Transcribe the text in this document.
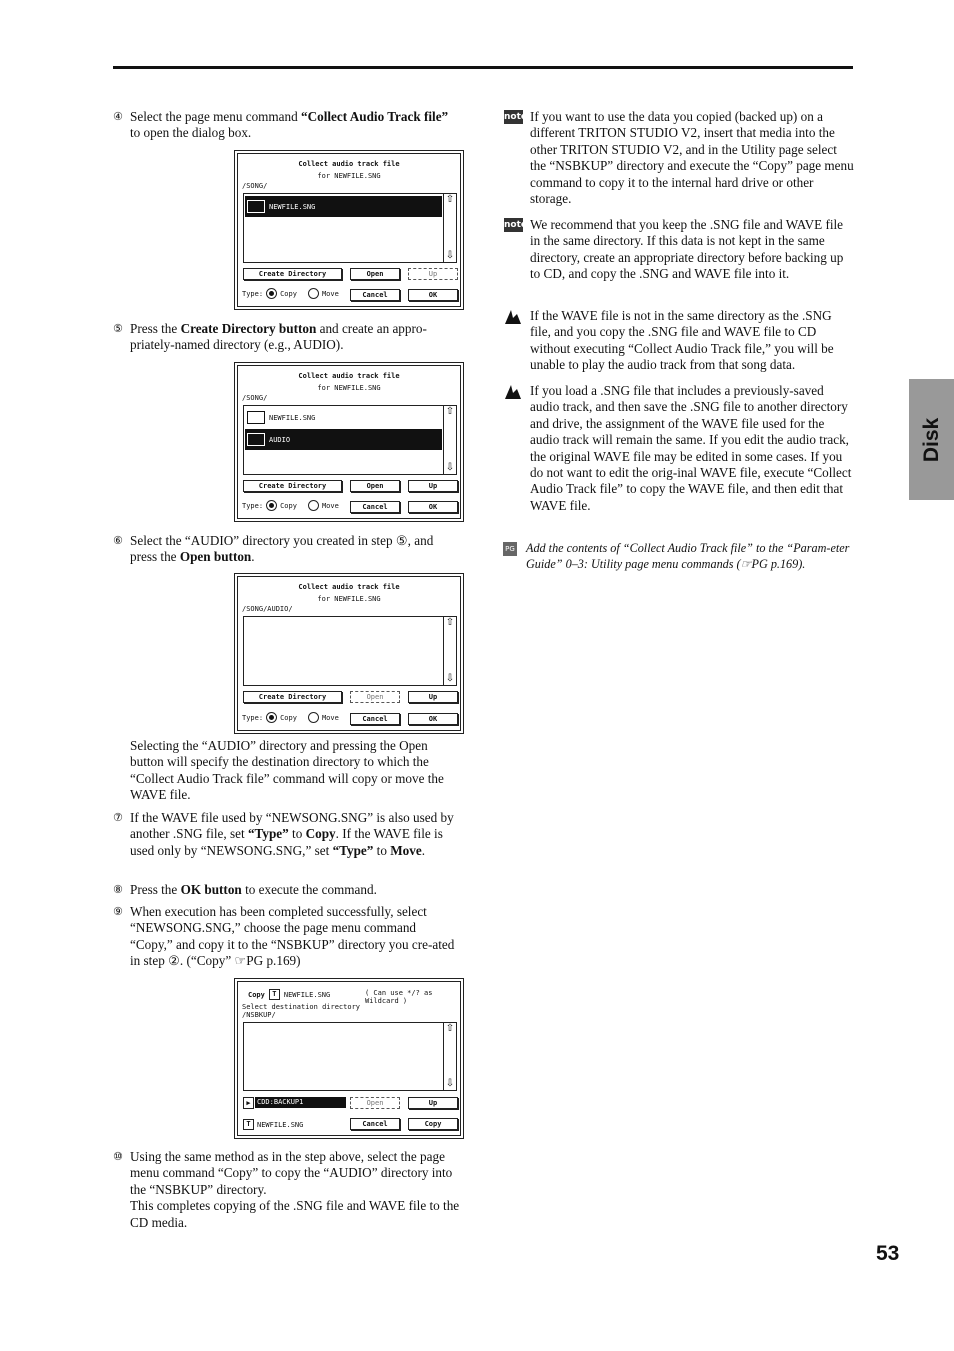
④ Select the page menu command “Collect Audio Track file” to open the dialog box.

Collect audio track file
for NEWFILE.SNG
/SONG/
NEWFILE.SNG
⇧
⇩
Create Directory	Open	Up
Type: Copy	Move	Cancel	OK

⑤ Press the Create Directory button and create an appro-priately-named directory (e.g., AUDIO).

Collect audio track file
for NEWFILE.SNG
/SONG/
NEWFILE.SNG
AUDIO
⇧
⇩
Create Directory	Open	Up
Type: Copy	Move	Cancel	OK

⑥ Select the “AUDIO” directory you created in step ⑤, and press the Open button.

Collect audio track file
for NEWFILE.SNG
/SONG/AUDIO/
⇧
⇩
Create Directory	Open	Up
Type: Copy	Move	Cancel	OK

Selecting the “AUDIO” directory and pressing the Open button will specify the destination directory to which the “Collect Audio Track file” command will copy or move the WAVE file.

⑦ If the WAVE file used by “NEWSONG.SNG” is also used by another .SNG file, set “Type” to Copy. If the WAVE file is used only by “NEWSONG.SNG,” set “Type” to Move.

⑧ Press the OK button to execute the command.

⑨ When execution has been completed successfully, select “NEWSONG.SNG,” choose the page menu command “Copy,” and copy it to the “NSBKUP” directory you cre-ated in step ②. (“Copy” ☞PG p.169)

Copy	T	NEWFILE.SNG	( Can use */? as Wildcard )
Select destination directory
/NSBKUP/
⇧
⇩
▶ CDD:BACKUP1	Open	Up
T NEWFILE.SNG	Cancel	Copy

⑩ Using the same method as in the step above, select the page menu command “Copy” to copy the “AUDIO” directory into the “NSBKUP” directory.

This completes copying of the .SNG file and WAVE file to the CD media.

note If you want to use the data you copied (backed up) on a different TRITON STUDIO V2, insert that media into the other TRITON STUDIO V2, and in the Utility page select the “NSBKUP” directory and execute the “Copy” page menu command to copy it to the internal hard drive or other storage.

note We recommend that you keep the .SNG file and WAVE file in the same directory. If this data is not kept in the same directory, create an appropriate directory before backing up to CD, and copy the .SNG and WAVE file into it.

If the WAVE file is not in the same directory as the .SNG file, and you copy the .SNG file and WAVE file to CD without executing “Collect Audio Track file,” you will be unable to play the audio track from that song data.

If you load a .SNG file that includes a previously-saved audio track, and then save the .SNG file to another directory and drive, the assignment of the WAVE file used for the audio track will remain the same. If you edit the audio track, the original WAVE file may be edited in some cases. If you do not want to edit the orig-inal WAVE file, execute “Collect Audio Track file” to copy the WAVE file, and then edit that WAVE file.

PG Add the contents of “Collect Audio Track file” to the “Param-eter Guide” 0–3: Utility page menu commands (☞PG p.169).

Disk
53
